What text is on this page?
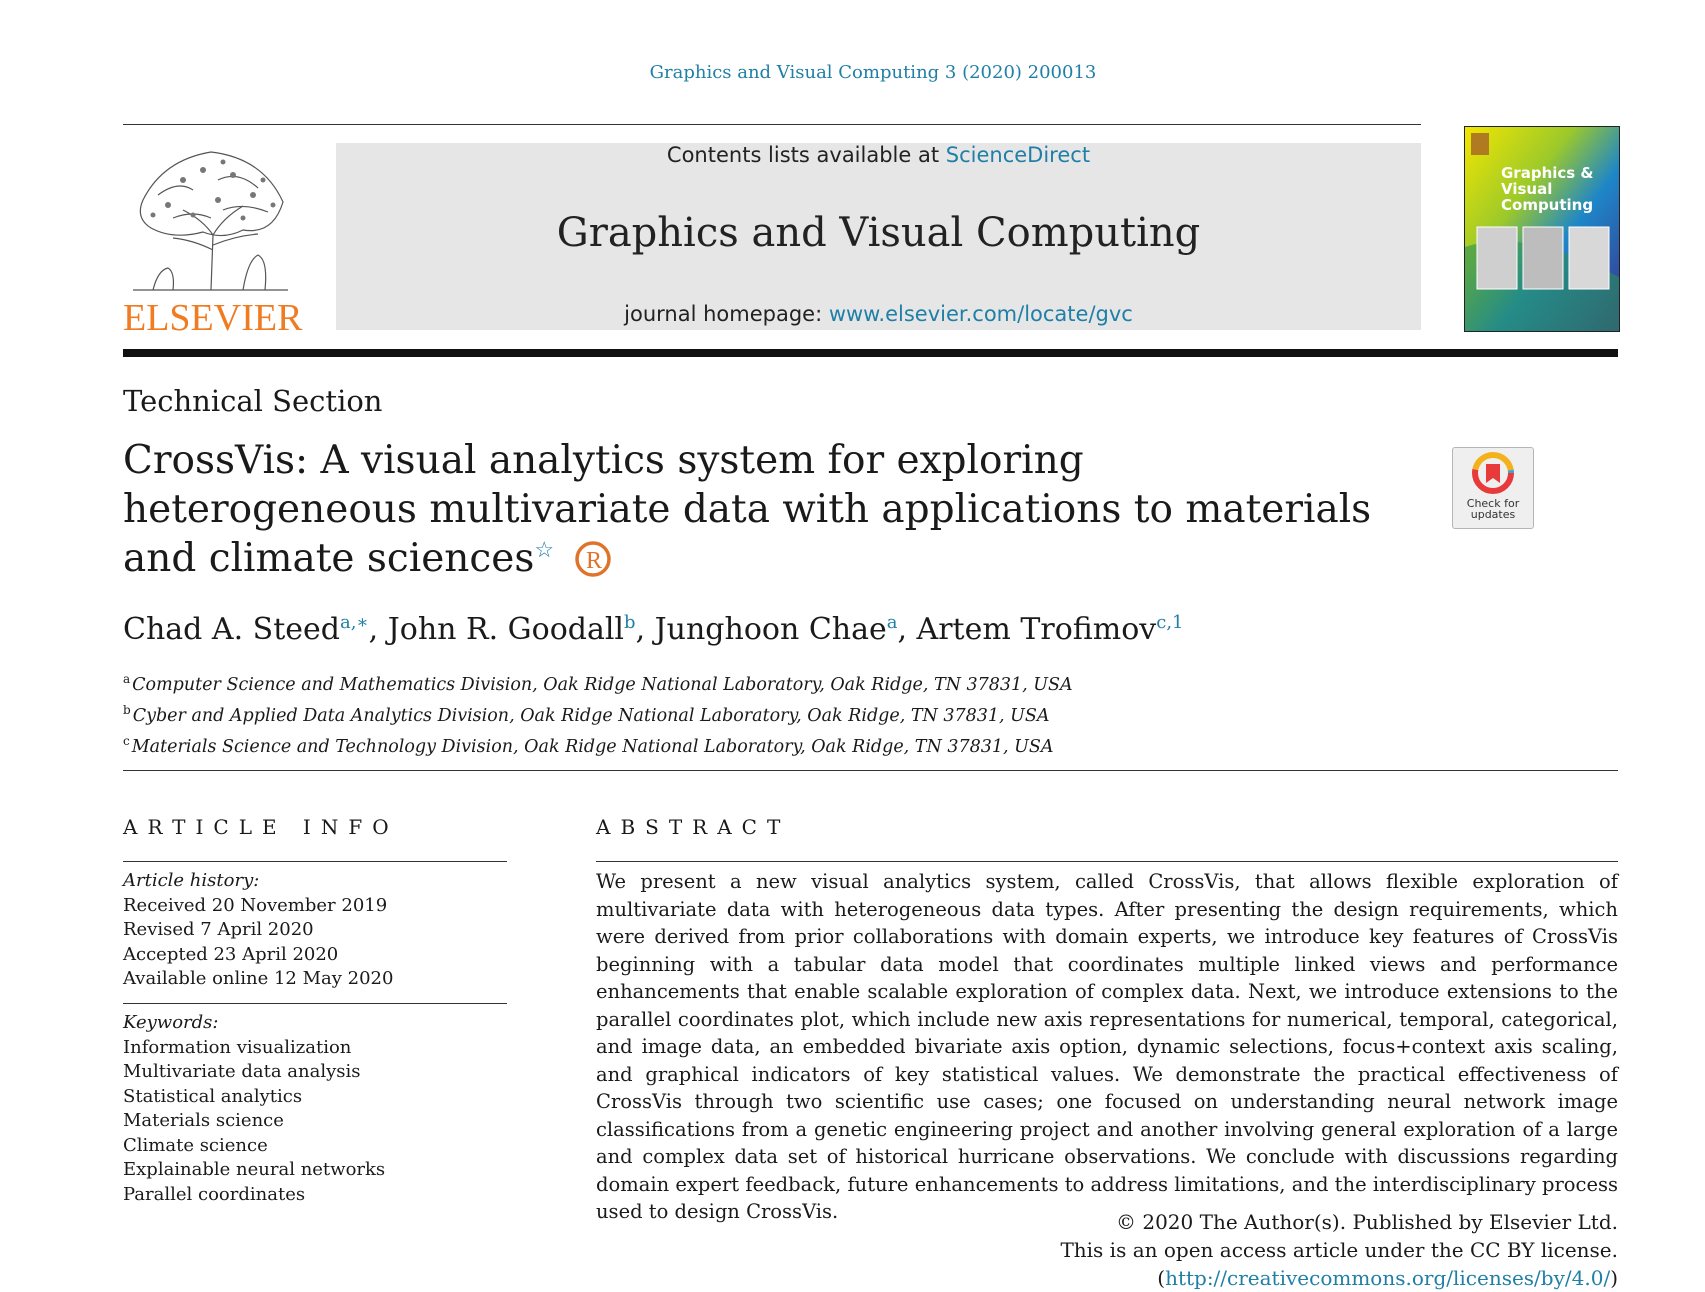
Graphics and Visual Computing 3 (2020) 200013
ELSEVIER
Contents lists available at ScienceDirect
Graphics and Visual Computing
journal homepage: www.elsevier.com/locate/gvc
Graphics & Visual Computing
Technical Section
CrossVis: A visual analytics system for exploring heterogeneous multivariate data with applications to materials and climate sciences☆ R
Check for updates
Chad A. Steed$^{a,∗}$, John R. Goodall$^b$, Junghoon Chae$^a$, Artem Trofimov$^{c,1}$
$^a$ Computer Science and Mathematics Division, Oak Ridge National Laboratory, Oak Ridge, TN 37831, USA
$^b$ Cyber and Applied Data Analytics Division, Oak Ridge National Laboratory, Oak Ridge, TN 37831, USA
$^c$ Materials Science and Technology Division, Oak Ridge National Laboratory, Oak Ridge, TN 37831, USA
ARTICLE INFO
Article history:
Received 20 November 2019
Revised 7 April 2020
Accepted 23 April 2020
Available online 12 May 2020
Keywords:
Information visualization
Multivariate data analysis
Statistical analytics
Materials science
Climate science
Explainable neural networks
Parallel coordinates
ABSTRACT
We present a new visual analytics system, called CrossVis, that allows flexible exploration of multivariate data with heterogeneous data types. After presenting the design requirements, which were derived from prior collaborations with domain experts, we introduce key features of CrossVis beginning with a tabular data model that coordinates multiple linked views and performance enhancements that enable scalable exploration of complex data. Next, we introduce extensions to the parallel coordinates plot, which include new axis representations for numerical, temporal, categorical, and image data, an embedded bivariate axis option, dynamic selections, focus+context axis scaling, and graphical indicators of key statistical values. We demonstrate the practical effectiveness of CrossVis through two scientific use cases; one focused on understanding neural network image classifications from a genetic engineering project and another involving general exploration of a large and complex data set of historical hurricane observations. We conclude with discussions regarding domain expert feedback, future enhancements to address limitations, and the interdisciplinary process used to design CrossVis.	© 2020 The Author(s). Published by Elsevier Ltd.
This is an open access article under the CC BY license. (http://creativecommons.org/licenses/by/4.0/)
